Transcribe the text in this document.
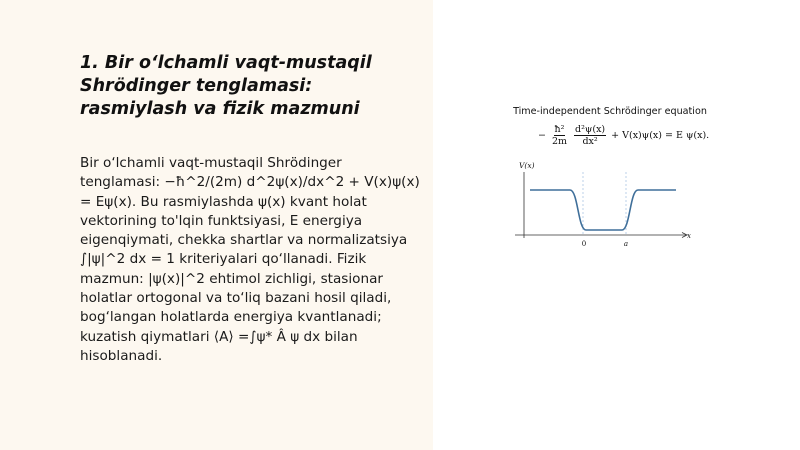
1. Bir o‘lchamli vaqt-mustaqil Shrödinger tenglamasi: rasmiylash va fizik mazmuni

Bir o‘lchamli vaqt-mustaqil Shrödinger tenglamasi: −ħ^2/(2m) d^2ψ(x)/dx^2 + V(x)ψ(x) = Eψ(x). Bu rasmiylashda ψ(x) kvant holat vektorining to'lqin funktsiyasi, E energiya eigenqiymati, chekka shartlar va normalizatsiya ∫|ψ|^2 dx = 1 kriteriyalari qo‘llanadi. Fizik mazmun: |ψ(x)|^2 ehtimol zichligi, stasionar holatlar ortogonal va to‘liq bazani hosil qiladi, bog‘langan holatlarda energiya kvantlanadi; kuzatish qiymatlari ⟨A⟩ =∫ψ* Â ψ dx bilan hisoblanadi.

Time-independent Schrödinger equation
− $\frac{\text{ħ²}}{2m} \frac{\text{d²ψ(x)}}{\text{dx²}} + V(x)\psi(x) = E$ ψ(x).
V(x)
x
0	a
